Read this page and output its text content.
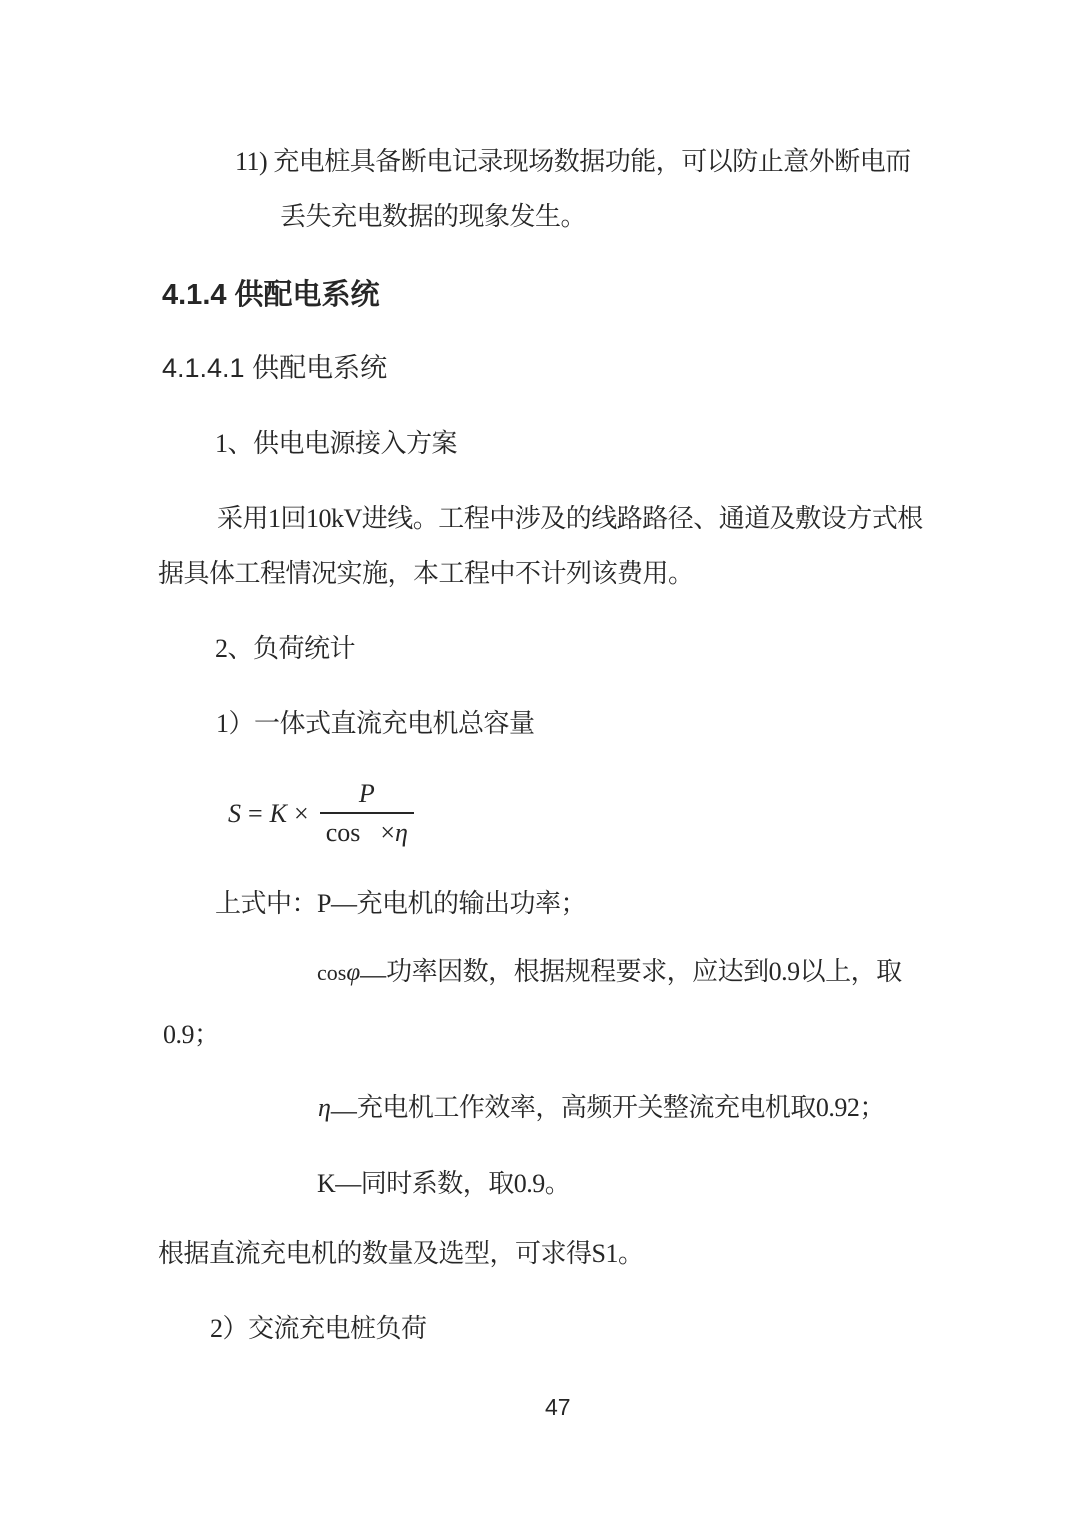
11) 充电桩具备断电记录现场数据功能，可以防止意外断电而
丢失充电数据的现象发生。
4.1.4 供配电系统
4.1.4.1 供配电系统
1、供电电源接入方案
采用1回10kV进线。工程中涉及的线路路径、通道及敷设方式根
据具体工程情况实施，本工程中不计列该费用。
2、负荷统计
1）一体式直流充电机总容量
$S = K \times \frac{P}{\cos \times \eta}$
上式中：P—充电机的输出功率；
cosφ—功率因数，根据规程要求，应达到0.9以上，取
0.9；
η—充电机工作效率，高频开关整流充电机取0.92；
K—同时系数，取0.9。
根据直流充电机的数量及选型，可求得S1。
2）交流充电桩负荷
47
